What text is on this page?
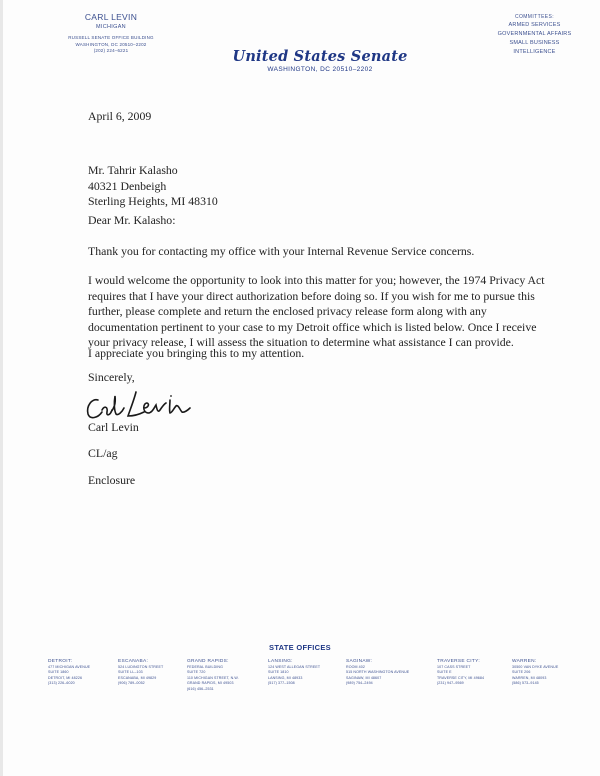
CARL LEVIN
MICHIGAN
RUSSELL SENATE OFFICE BUILDING
WASHINGTON, DC 20510–2202
(202) 224–6221	United States Senate
WASHINGTON, DC 20510–2202
COMMITTEES:
ARMED SERVICES
GOVERNMENTAL AFFAIRS
SMALL BUSINESS
INTELLIGENCE
April 6, 2009
Mr. Tahrir Kalasho
40321 Denbeigh
Sterling Heights, MI 48310
Dear Mr. Kalasho:
Thank you for contacting my office with your Internal Revenue Service concerns.
I would welcome the opportunity to look into this matter for you; however, the 1974 Privacy Act
requires that I have your direct authorization before doing so. If you wish for me to pursue this
further, please complete and return the enclosed privacy release form along with any
documentation pertinent to your case to my Detroit office which is listed below. Once I receive
your privacy release, I will assess the situation to determine what assistance I can provide.
I appreciate you bringing this to my attention.
Sincerely,
Carl Levin
CL/ag
Enclosure
STATE OFFICES
DETROIT:
477 MICHIGAN AVENUE
SUITE 1860
DETROIT, MI 48226
(313) 226–6020
ESCANABA:
524 LUDINGTON STREET
SUITE LL–103
ESCANABA, MI 49829
(906) 789–0052
GRAND RAPIDS:
FEDERAL BUILDING
SUITE 720
110 MICHIGAN STREET, N.W.
GRAND RAPIDS, MI 49503
(616) 456–2531
LANSING:
124 WEST ALLEGAN STREET
SUITE 1810
LANSING, MI 48933
(517) 377–1508
SAGINAW:
ROOM 402
515 NORTH WASHINGTON AVENUE
SAGINAW, MI 48607
(989) 754–2494
TRAVERSE CITY:
107 CASS STREET
SUITE E
TRAVERSE CITY, MI 49684
(231) 947–9569
WARREN:
30500 VAN DYKE AVENUE
SUITE 206
WARREN, MI 48093
(586) 573–9145
